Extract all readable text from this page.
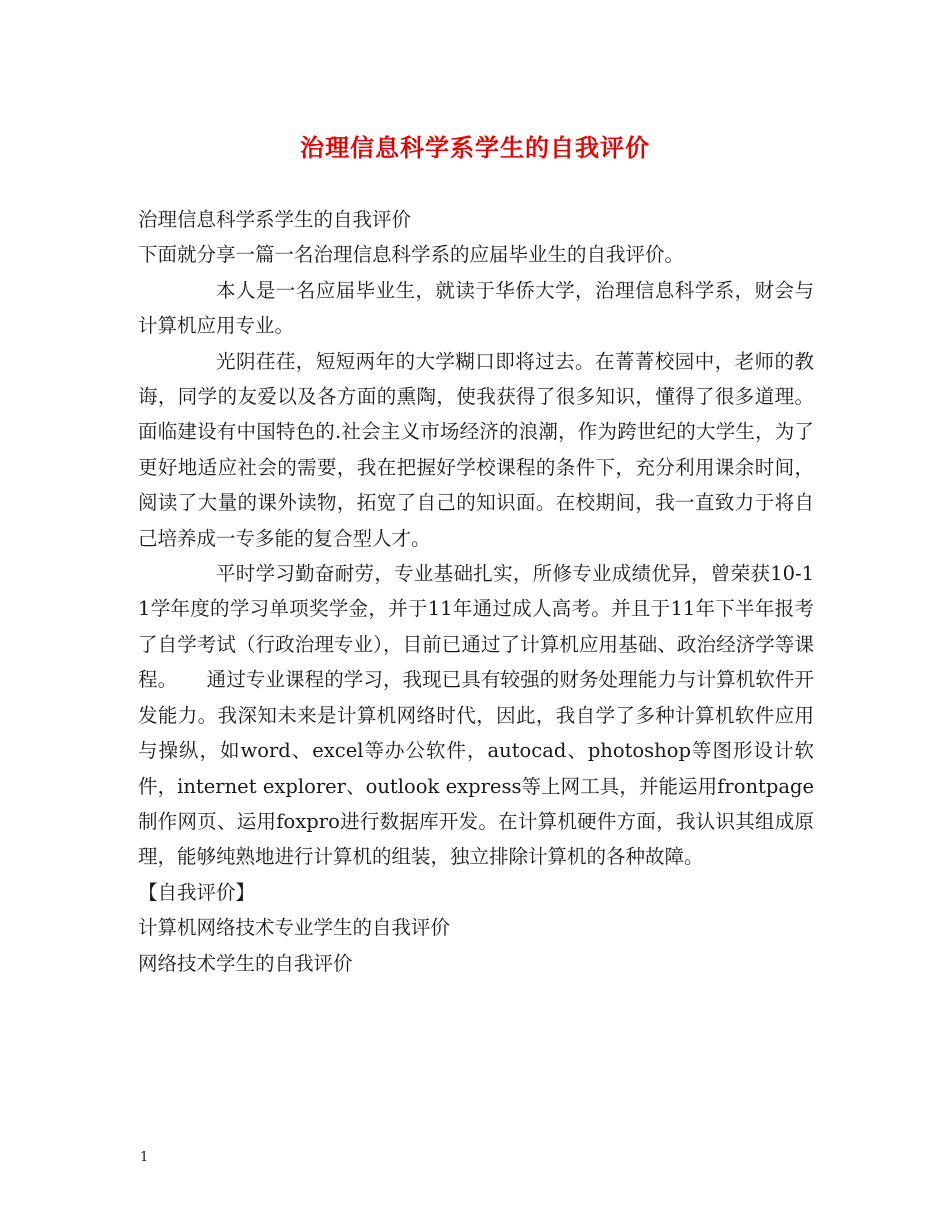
治理信息科学系学生的自我评价

治理信息科学系学生的自我评价

下面就分享一篇一名治理信息科学系的应届毕业生的自我评价。

本人是一名应届毕业生，就读于华侨大学，治理信息科学系，财会与计算机应用专业。

光阴荏荏，短短两年的大学糊口即将过去。在菁菁校园中，老师的教诲，同学的友爱以及各方面的熏陶，使我获得了很多知识，懂得了很多道理。面临建设有中国特色的.社会主义市场经济的浪潮，作为跨世纪的大学生，为了更好地适应社会的需要，我在把握好学校课程的条件下，充分利用课余时间，阅读了大量的课外读物，拓宽了自己的知识面。在校期间，我一直致力于将自己培养成一专多能的复合型人才。

平时学习勤奋耐劳，专业基础扎实，所修专业成绩优异，曾荣获10-11学年度的学习单项奖学金，并于11年通过成人高考。并且于11年下半年报考了自学考试（行政治理专业），目前已通过了计算机应用基础、政治经济学等课程。　　通过专业课程的学习，我现已具有较强的财务处理能力与计算机软件开发能力。我深知未来是计算机网络时代，因此，我自学了多种计算机软件应用与操纵，如word、excel等办公软件，autocad、photoshop等图形设计软件，internet explorer、outlook express等上网工具，并能运用frontpage制作网页、运用foxpro进行数据库开发。在计算机硬件方面，我认识其组成原理，能够纯熟地进行计算机的组装，独立排除计算机的各种故障。

【自我评价】

计算机网络技术专业学生的自我评价

网络技术学生的自我评价

1
